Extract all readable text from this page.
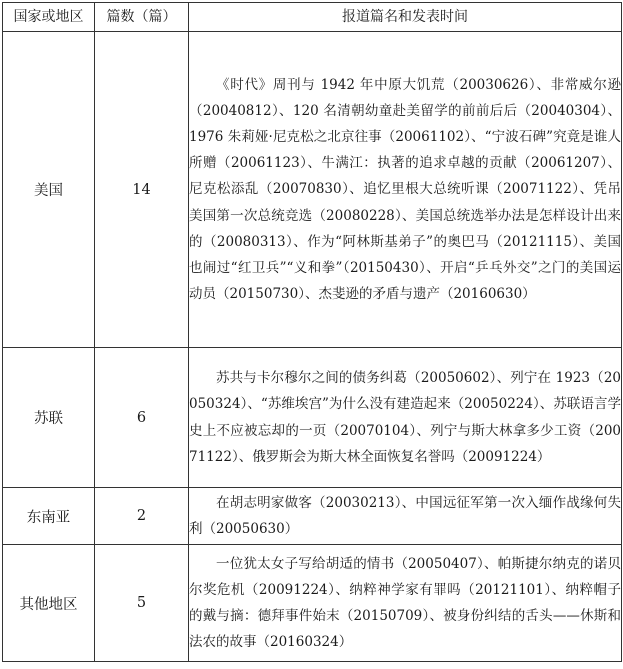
国家或地区	篇数（篇）	报道篇名和发表时间
美国	14	《时代》周刊与 1942 年中原大饥荒（20030626）、非常威尔逊（20040812）、120 名清朝幼童赴美留学的前前后后（20040304）、1976 朱莉娅·尼克松之北京往事（20061102）、“宁波石碑”究竟是谁人所赠（20061123）、牛满江：执著的追求卓越的贡献（20061207）、尼克松添乱（20070830）、追忆里根大总统听课（20071122）、凭吊美国第一次总统竞选（20080228）、美国总统选举办法是怎样设计出来的（20080313）、作为“阿林斯基弟子”的奥巴马（20121115）、美国也闹过“红卫兵”“义和拳”（20150430）、开启“乒乓外交”之门的美国运动员（20150730）、杰斐逊的矛盾与遗产（20160630）
苏联	6	苏共与卡尔穆尔之间的债务纠葛（20050602）、列宁在 1923（20050324）、“苏维埃宫”为什么没有建造起来（20050224）、苏联语言学史上不应被忘却的一页（20070104）、列宁与斯大林拿多少工资（20071122）、俄罗斯会为斯大林全面恢复名誉吗（20091224）
东南亚	2	在胡志明家做客（20030213）、中国远征军第一次入缅作战缘何失利（20050630）
其他地区	5	一位犹太女子写给胡适的情书（20050407）、帕斯捷尔纳克的诺贝尔奖危机（20091224）、纳粹神学家有罪吗（20121101）、纳粹帽子的戴与摘：德拜事件始末（20150709）、被身份纠结的舌头——休斯和法农的故事（20160324）
